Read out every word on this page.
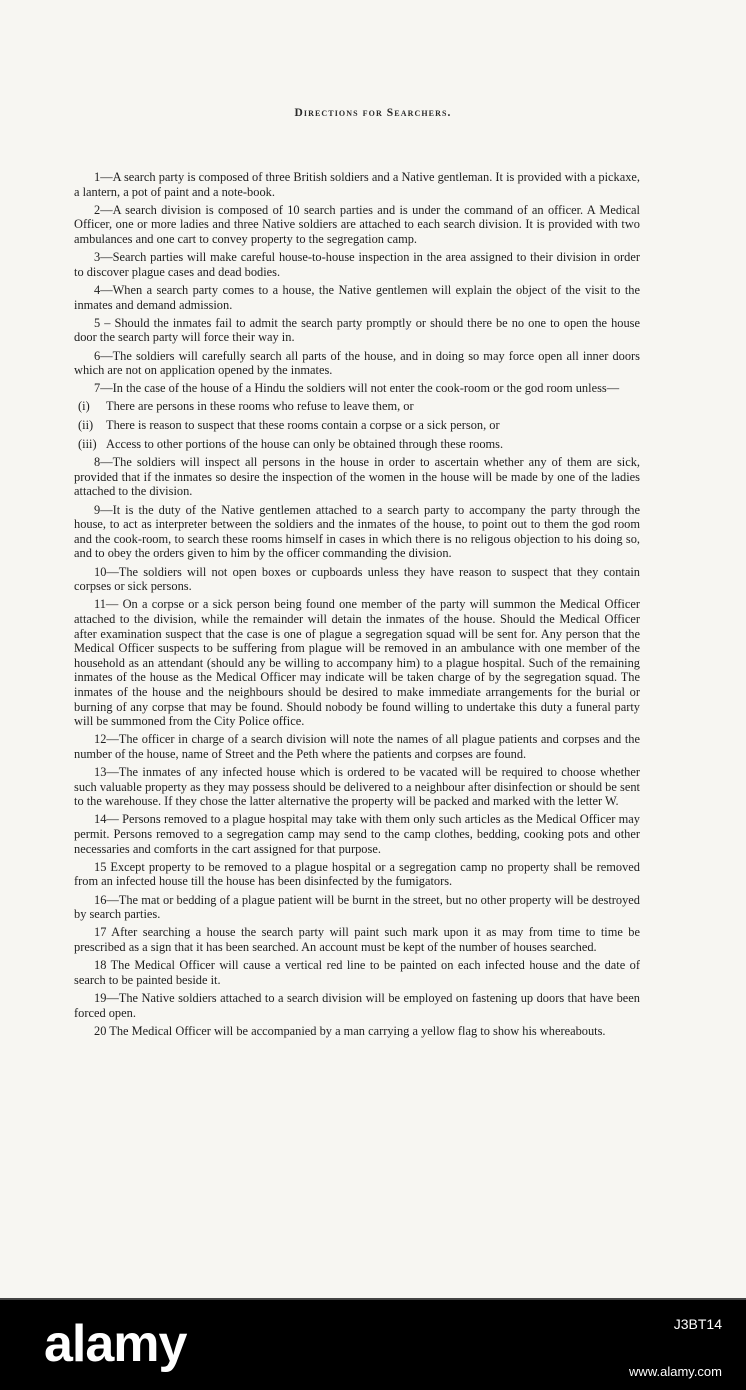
Directions for Searchers.

1—A search party is composed of three British soldiers and a Native gentleman. It is provided with a pickaxe, a lantern, a pot of paint and a note-book.

2—A search division is composed of 10 search parties and is under the command of an officer. A Medical Officer, one or more ladies and three Native soldiers are attached to each search division. It is provided with two ambulances and one cart to convey property to the segregation camp.

3—Search parties will make careful house-to-house inspection in the area assigned to their division in order to discover plague cases and dead bodies.

4—When a search party comes to a house, the Native gentlemen will explain the object of the visit to the inmates and demand admission.

5 – Should the inmates fail to admit the search party promptly or should there be no one to open the house door the search party will force their way in.

6—The soldiers will carefully search all parts of the house, and in doing so may force open all inner doors which are not on application opened by the inmates.

7—In the case of the house of a Hindu the soldiers will not enter the cook-room or the god room unless—

(i) There are persons in these rooms who refuse to leave them, or

(ii) There is reason to suspect that these rooms contain a corpse or a sick person, or

(iii) Access to other portions of the house can only be obtained through these rooms.

8—The soldiers will inspect all persons in the house in order to ascertain whether any of them are sick, provided that if the inmates so desire the inspection of the women in the house will be made by one of the ladies attached to the division.

9—It is the duty of the Native gentlemen attached to a search party to accompany the party through the house, to act as interpreter between the soldiers and the inmates of the house, to point out to them the god room and the cook-room, to search these rooms himself in cases in which there is no religous objection to his doing so, and to obey the orders given to him by the officer commanding the division.

10—The soldiers will not open boxes or cupboards unless they have reason to suspect that they contain corpses or sick persons.

11— On a corpse or a sick person being found one member of the party will summon the Medical Officer attached to the division, while the remainder will detain the inmates of the house. Should the Medical Officer after examination suspect that the case is one of plague a segregation squad will be sent for. Any person that the Medical Officer suspects to be suffering from plague will be removed in an ambulance with one member of the household as an attendant (should any be willing to accompany him) to a plague hospital. Such of the remaining inmates of the house as the Medical Officer may indicate will be taken charge of by the segregation squad. The inmates of the house and the neighbours should be desired to make immediate arrangements for the burial or burning of any corpse that may be found. Should nobody be found willing to undertake this duty a funeral party will be summoned from the City Police office.

12—The officer in charge of a search division will note the names of all plague patients and corpses and the number of the house, name of Street and the Peth where the patients and corpses are found.

13—The inmates of any infected house which is ordered to be vacated will be required to choose whether such valuable property as they may possess should be delivered to a neighbour after disinfection or should be sent to the warehouse. If they chose the latter alternative the property will be packed and marked with the letter W.

14— Persons removed to a plague hospital may take with them only such articles as the Medical Officer may permit. Persons removed to a segregation camp may send to the camp clothes, bedding, cooking pots and other necessaries and comforts in the cart assigned for that purpose.

15 Except property to be removed to a plague hospital or a segregation camp no property shall be removed from an infected house till the house has been disinfected by the fumigators.

16—The mat or bedding of a plague patient will be burnt in the street, but no other property will be destroyed by search parties.

17 After searching a house the search party will paint such mark upon it as may from time to time be prescribed as a sign that it has been searched. An account must be kept of the number of houses searched.

18 The Medical Officer will cause a vertical red line to be painted on each infected house and the date of search to be painted beside it.

19—The Native soldiers attached to a search division will be employed on fastening up doors that have been forced open.

20 The Medical Officer will be accompanied by a man carrying a yellow flag to show his whereabouts.

alamy	J3BT14
www.alamy.com
